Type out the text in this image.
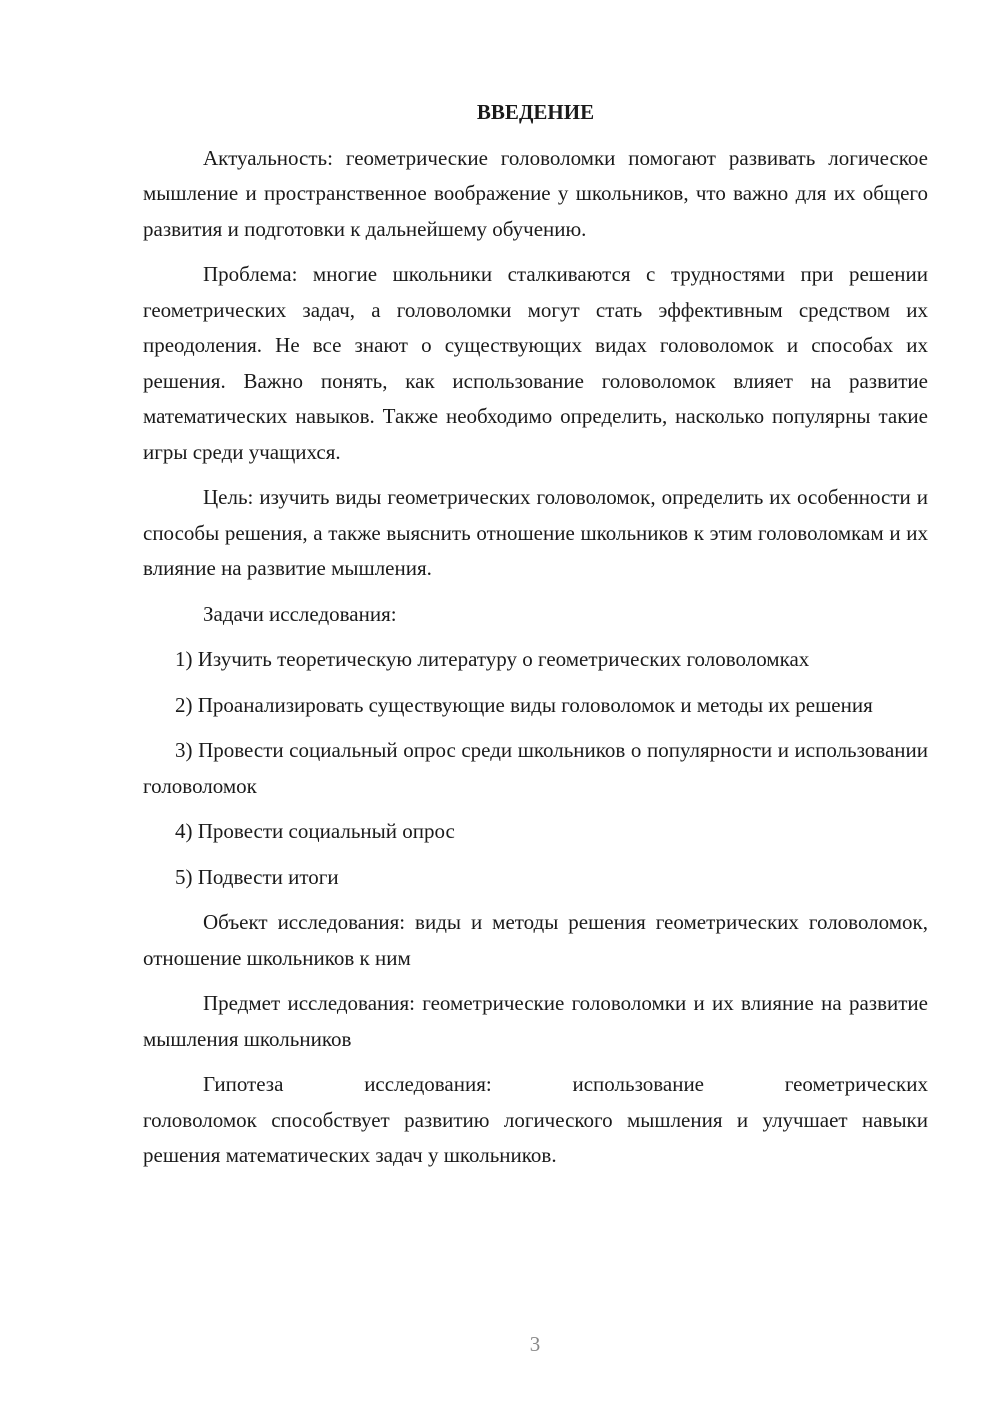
ВВЕДЕНИЕ

Актуальность: геометрические головоломки помогают развивать логическое мышление и пространственное воображение у школьников, что важно для их общего развития и подготовки к дальнейшему обучению.

Проблема: многие школьники сталкиваются с трудностями при решении геометрических задач, а головоломки могут стать эффективным средством их преодоления. Не все знают о существующих видах головоломок и способах их решения. Важно понять, как использование головоломок влияет на развитие математических навыков. Также необходимо определить, насколько популярны такие игры среди учащихся.

Цель: изучить виды геометрических головоломок, определить их особенности и способы решения, а также выяснить отношение школьников к этим головоломкам и их влияние на развитие мышления.

Задачи исследования:

1) Изучить теоретическую литературу о геометрических головоломках

2) Проанализировать существующие виды головоломок и методы их решения

3) Провести социальный опрос среди школьников о популярности и использовании головоломок

4) Провести социальный опрос

5) Подвести итоги

Объект исследования: виды и методы решения геометрических головоломок, отношение школьников к ним

Предмет исследования: геометрические головоломки и их влияние на развитие мышления школьников

Гипотеза исследования: использование геометрических

головоломок способствует развитию логического мышления и улучшает навыки решения математических задач у школьников.

3
